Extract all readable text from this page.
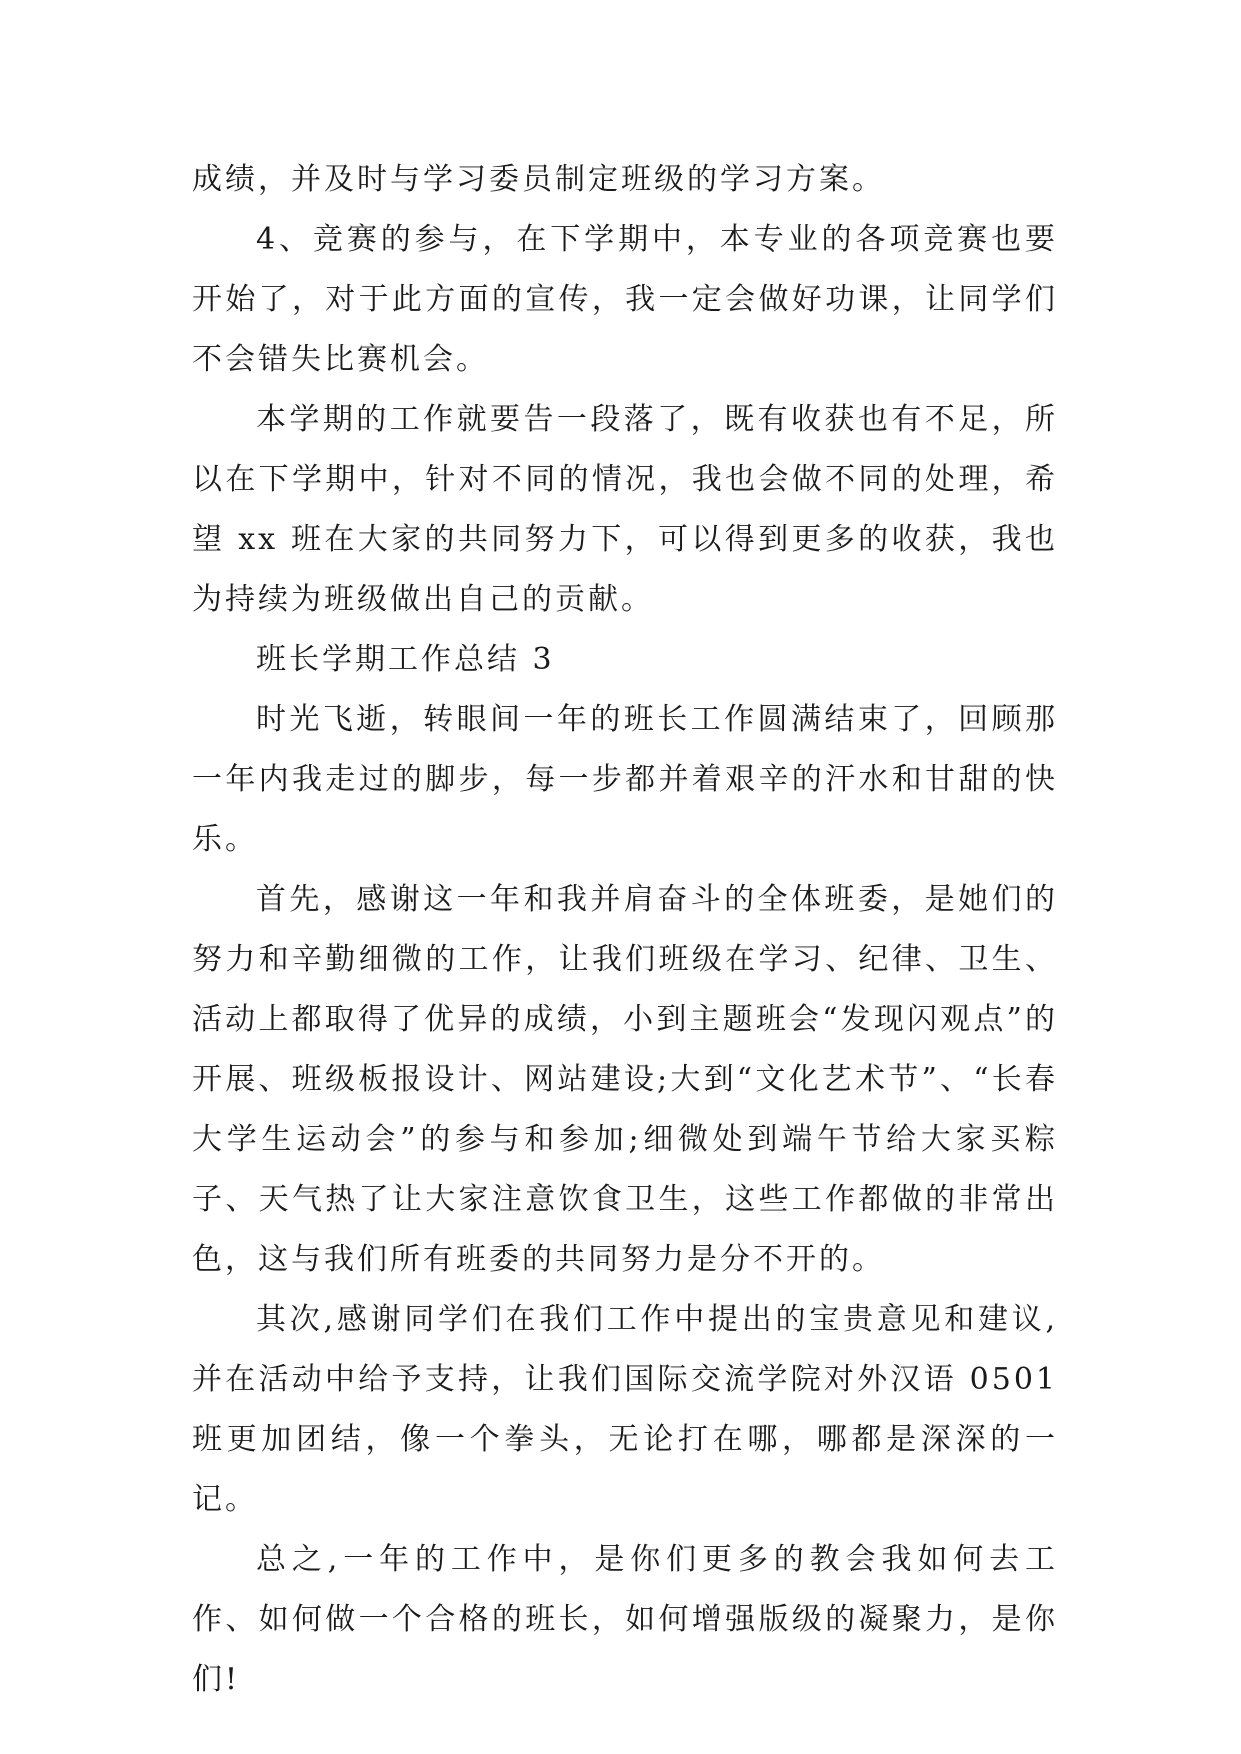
成绩，并及时与学习委员制定班级的学习方案。

4、竞赛的参与，在下学期中，本专业的各项竞赛也要开始了，对于此方面的宣传，我一定会做好功课，让同学们不会错失比赛机会。

本学期的工作就要告一段落了，既有收获也有不足，所以在下学期中，针对不同的情况，我也会做不同的处理，希望 xx 班在大家的共同努力下，可以得到更多的收获，我也为持续为班级做出自己的贡献。

班长学期工作总结 3

时光飞逝，转眼间一年的班长工作圆满结束了，回顾那一年内我走过的脚步，每一步都并着艰辛的汗水和甘甜的快乐。

首先，感谢这一年和我并肩奋斗的全体班委，是她们的努力和辛勤细微的工作，让我们班级在学习、纪律、卫生、活动上都取得了优异的成绩，小到主题班会“发现闪观点”的开展、班级板报设计、网站建设;大到“文化艺术节”、“长春大学生运动会”的参与和参加;细微处到端午节给大家买粽子、天气热了让大家注意饮食卫生，这些工作都做的非常出色，这与我们所有班委的共同努力是分不开的。

其次,感谢同学们在我们工作中提出的宝贵意见和建议,并在活动中给予支持，让我们国际交流学院对外汉语 0501班更加团结，像一个拳头，无论打在哪，哪都是深深的一记。

总之,一年的工作中，是你们更多的教会我如何去工作、如何做一个合格的班长，如何增强版级的凝聚力，是你们!
